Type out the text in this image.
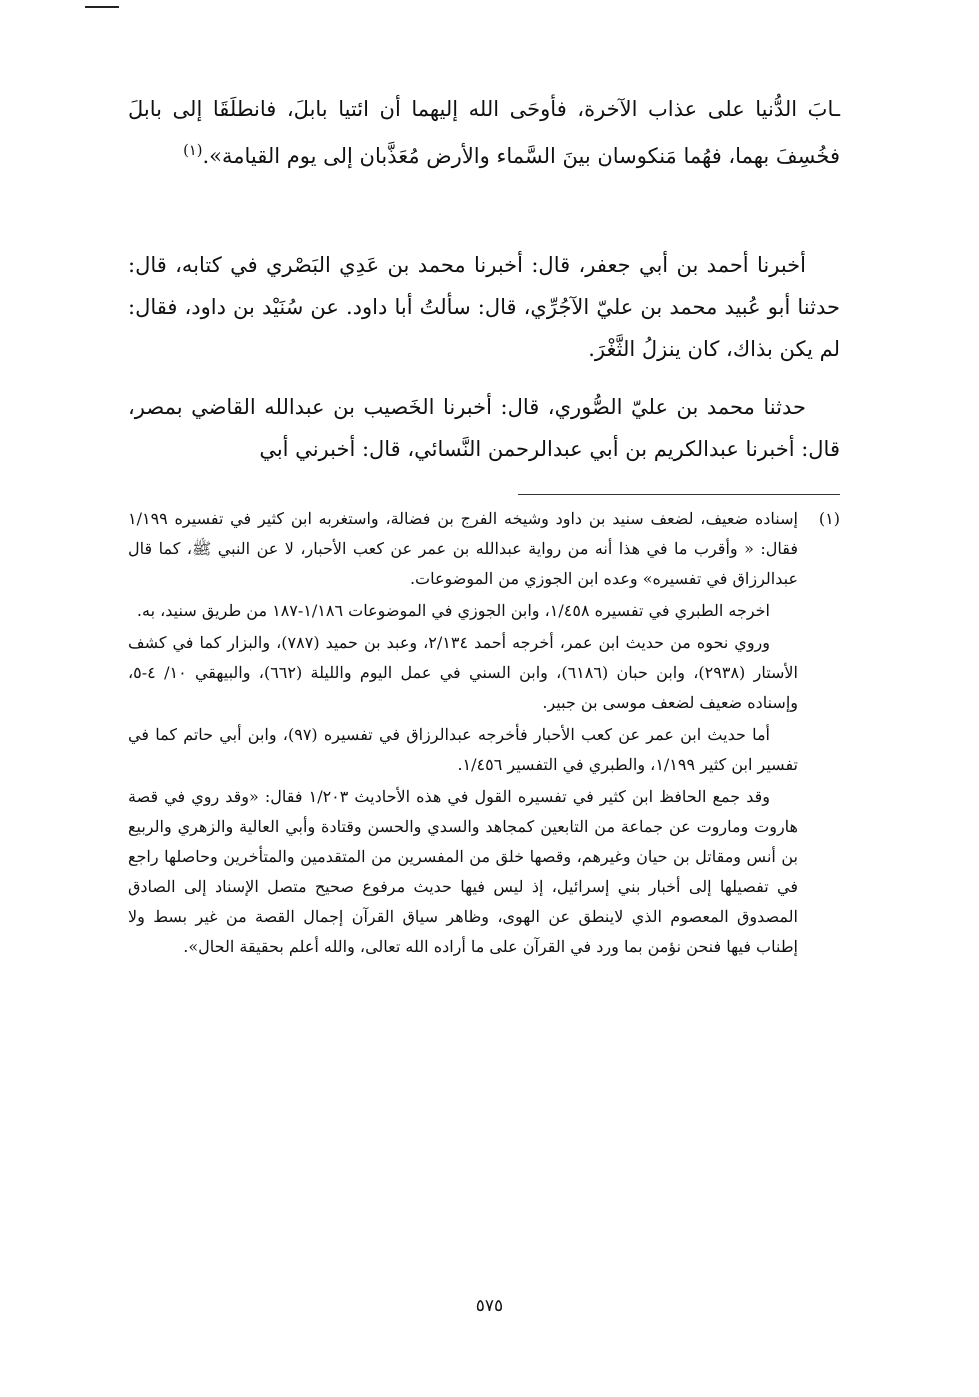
ـابَ الدُّنيا على عذاب الآخرة، فأوحَى الله إليهما أن ائتيا بابلَ، فانطلَقَا إلى بابلَ فخُسِفَ بهما، فهُما مَنكوسان بينَ السَّماء والأرض مُعَذَّبان إلى يوم القيامة».$^{(١)}$

أخبرنا أحمد بن أبي جعفر، قال: أخبرنا محمد بن عَدِي البَصْري في كتابه، قال: حدثنا أبو عُبيد محمد بن عليّ الآجُرِّي، قال: سألتُ أبا داود. عن سُنَيْد بن داود، فقال: لم يكن بذاك، كان ينزلُ الثَّغْرَ.

حدثنا محمد بن عليّ الصُّوري، قال: أخبرنا الخَصيب بن عبدالله القاضي بمصر، قال: أخبرنا عبدالكريم بن أبي عبدالرحمن النَّسائي، قال: أخبرني أبي

(١)

إسناده ضعيف، لضعف سنيد بن داود وشيخه الفرج بن فضالة، واستغربه ابن كثير في تفسيره ١/١٩٩ فقال: « وأقرب ما في هذا أنه من رواية عبدالله بن عمر عن كعب الأحبار، لا عن النبي ﷺ، كما قال عبدالرزاق في تفسيره» وعده ابن الجوزي من الموضوعات.

اخرجه الطبري في تفسيره ١/٤٥٨، وابن الجوزي في الموضوعات ١/١٨٦-١٨٧ من طريق سنيد، به.

وروي نحوه من حديث ابن عمر، أخرجه أحمد ٢/١٣٤، وعبد بن حميد (٧٨٧)، والبزار كما في كشف الأستار (٢٩٣٨)، وابن حبان (٦١٨٦)، وابن السني في عمل اليوم والليلة (٦٦٢)، والبيهقي ١٠/ ٤-٥، وإسناده ضعيف لضعف موسى بن جبير.

أما حديث ابن عمر عن كعب الأحبار فأخرجه عبدالرزاق في تفسيره (٩٧)، وابن أبي حاتم كما في تفسير ابن كثير ١/١٩٩، والطبري في التفسير ١/٤٥٦.

وقد جمع الحافظ ابن كثير في تفسيره القول في هذه الأحاديث ١/٢٠٣ فقال: «وقد روي في قصة هاروت وماروت عن جماعة من التابعين كمجاهد والسدي والحسن وقتادة وأبي العالية والزهري والربيع بن أنس ومقاتل بن حيان وغيرهم، وقصها خلق من المفسرين من المتقدمين والمتأخرين وحاصلها راجع في تفصيلها إلى أخبار بني إسرائيل، إذ ليس فيها حديث مرفوع صحيح متصل الإسناد إلى الصادق المصدوق المعصوم الذي لاينطق عن الهوى، وظاهر سياق القرآن إجمال القصة من غير بسط ولا إطناب فيها فنحن نؤمن بما ورد في القرآن على ما أراده الله تعالى، والله أعلم بحقيقة الحال».

٥٧٥
